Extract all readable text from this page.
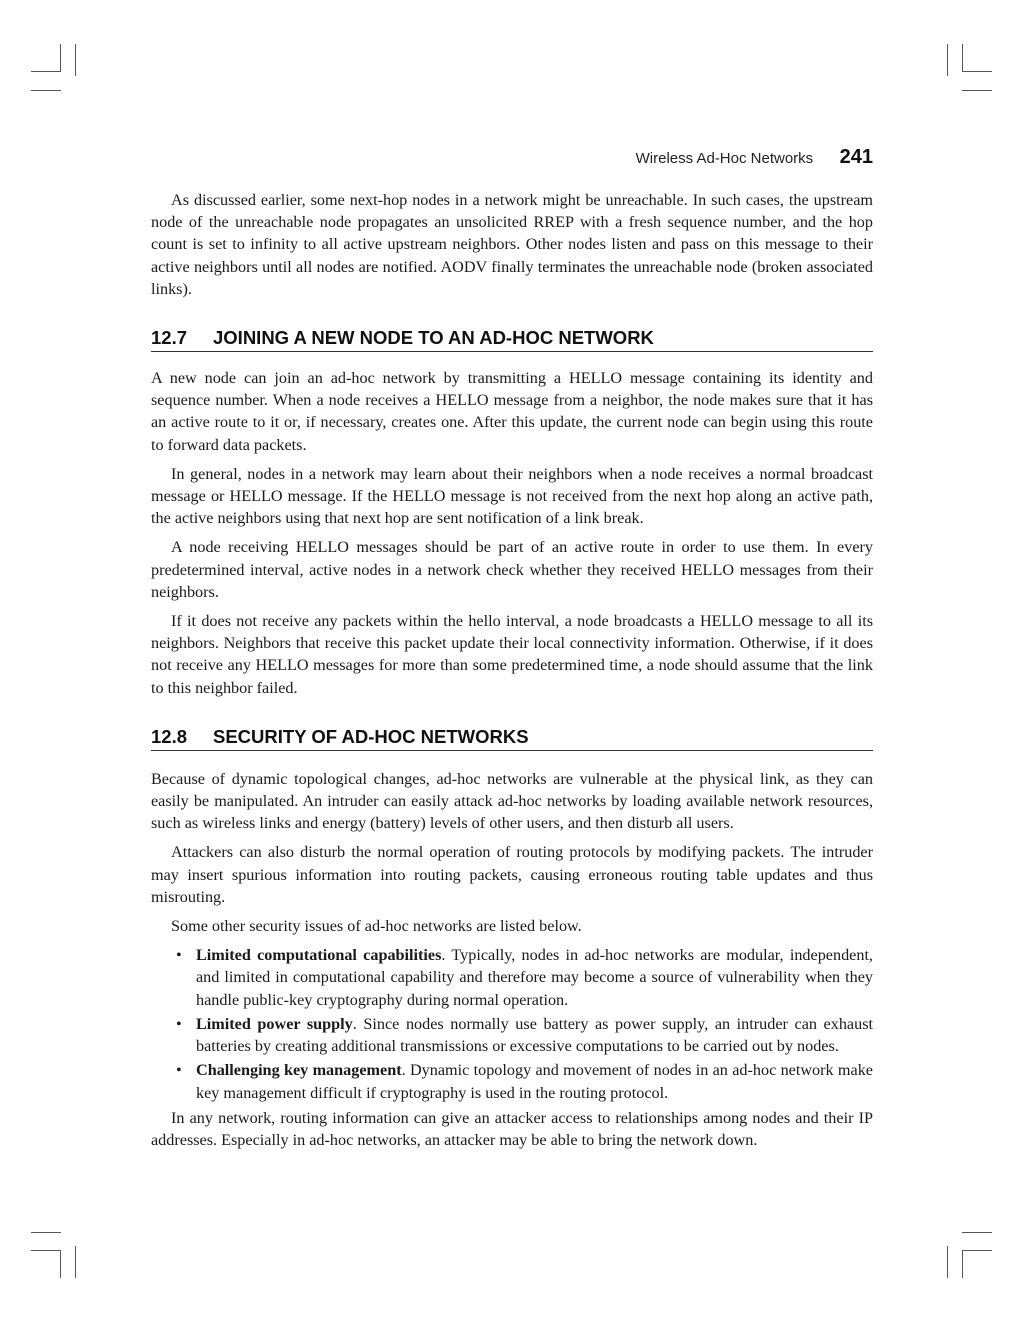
Wireless Ad-Hoc Networks 241

As discussed earlier, some next-hop nodes in a network might be unreachable. In such cases, the upstream node of the unreachable node propagates an unsolicited RREP with a fresh sequence number, and the hop count is set to infinity to all active upstream neighbors. Other nodes listen and pass on this message to their active neighbors until all nodes are notified. AODV finally terminates the unreachable node (broken associated links).

12.7 JOINING A NEW NODE TO AN AD-HOC NETWORK

A new node can join an ad-hoc network by transmitting a HELLO message containing its identity and sequence number. When a node receives a HELLO message from a neighbor, the node makes sure that it has an active route to it or, if necessary, creates one. After this update, the current node can begin using this route to forward data packets.

In general, nodes in a network may learn about their neighbors when a node receives a normal broadcast message or HELLO message. If the HELLO message is not received from the next hop along an active path, the active neighbors using that next hop are sent notification of a link break.

A node receiving HELLO messages should be part of an active route in order to use them. In every predetermined interval, active nodes in a network check whether they received HELLO messages from their neighbors.

If it does not receive any packets within the hello interval, a node broadcasts a HELLO message to all its neighbors. Neighbors that receive this packet update their local connectivity information. Otherwise, if it does not receive any HELLO messages for more than some predetermined time, a node should assume that the link to this neighbor failed.

12.8 SECURITY OF AD-HOC NETWORKS

Because of dynamic topological changes, ad-hoc networks are vulnerable at the physical link, as they can easily be manipulated. An intruder can easily attack ad-hoc networks by loading available network resources, such as wireless links and energy (battery) levels of other users, and then disturb all users.

Attackers can also disturb the normal operation of routing protocols by modifying packets. The intruder may insert spurious information into routing packets, causing erroneous routing table updates and thus misrouting.

Some other security issues of ad-hoc networks are listed below.

• Limited computational capabilities. Typically, nodes in ad-hoc networks are modular, independent, and limited in computational capability and therefore may become a source of vulnerability when they handle public-key cryptography during normal operation.
• Limited power supply. Since nodes normally use battery as power supply, an intruder can exhaust batteries by creating additional transmissions or excessive computations to be carried out by nodes.
• Challenging key management. Dynamic topology and movement of nodes in an ad-hoc network make key management difficult if cryptography is used in the routing protocol.

In any network, routing information can give an attacker access to relationships among nodes and their IP addresses. Especially in ad-hoc networks, an attacker may be able to bring the network down.
